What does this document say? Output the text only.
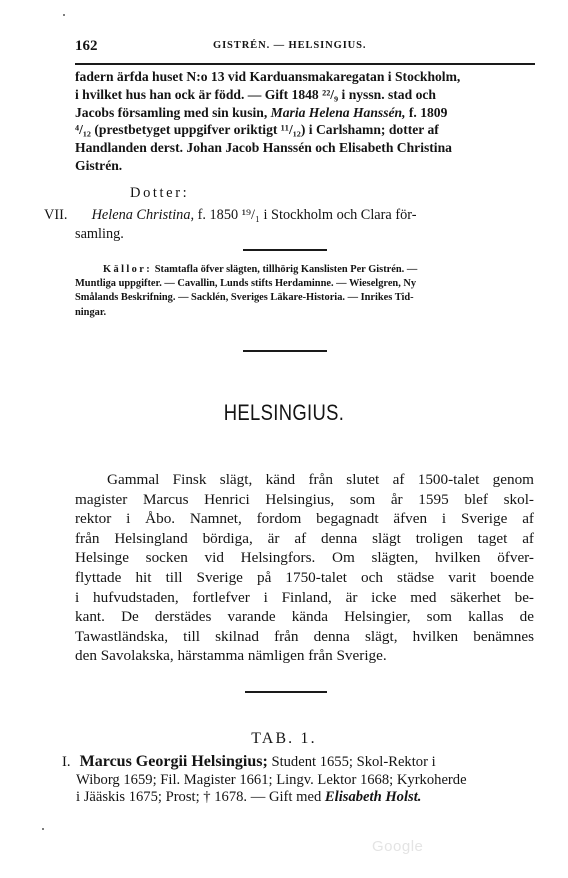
162	GISTRÉN. — HELSINGIUS.
fadern ärfda huset N:o 13 vid Karduansmakaregatan i Stockholm,
i hvilket hus han ock är född. — Gift 1848 ²²/₉ i nyssn. stad och
Jacobs församling med sin kusin, Maria Helena Hanssén, f. 1809
⁴/₁₂ (prestbetyget uppgifver oriktigt ¹¹/₁₂) i Carlshamn; dotter af
Handlanden derst. Johan Jacob Hanssén och Elisabeth Christina
Gistrén.
Dotter:
VII. Helena Christina, f. 1850 ¹⁹/₁ i Stockholm och Clara för-
samling.
Källor: Stamtafla öfver slägten, tillhörig Kanslisten Per Gistrén. —
Muntliga uppgifter. — Cavallin, Lunds stifts Herdaminne. — Wieselgren, Ny
Smålands Beskrifning. — Sacklén, Sveriges Läkare-Historia. — Inrikes Tid-
ningar.
HELSINGIUS.
Gammal Finsk slägt, känd från slutet af 1500-talet genom
magister Marcus Henrici Helsingius, som år 1595 blef skol-
rektor i Åbo. Namnet, fordom begagnadt äfven i Sverige af
från Helsingland bördiga, är af denna slägt troligen taget af
Helsinge socken vid Helsingfors. Om slägten, hvilken öfver-
flyttade hit till Sverige på 1750-talet och städse varit boende
i hufvudstaden, fortlefver i Finland, är icke med säkerhet be-
kant. De derstädes varande kända Helsingier, som kallas de
Tawastländska, till skilnad från denna slägt, hvilken benämnes
den Savolakska, härstamma nämligen från Sverige.
TAB. 1.
I. Marcus Georgii Helsingius; Student 1655; Skol-Rektor i
Wiborg 1659; Fil. Magister 1661; Lingv. Lektor 1668; Kyrkoherde
i Jääskis 1675; Prost; † 1678. — Gift med Elisabeth Holst.
Google
